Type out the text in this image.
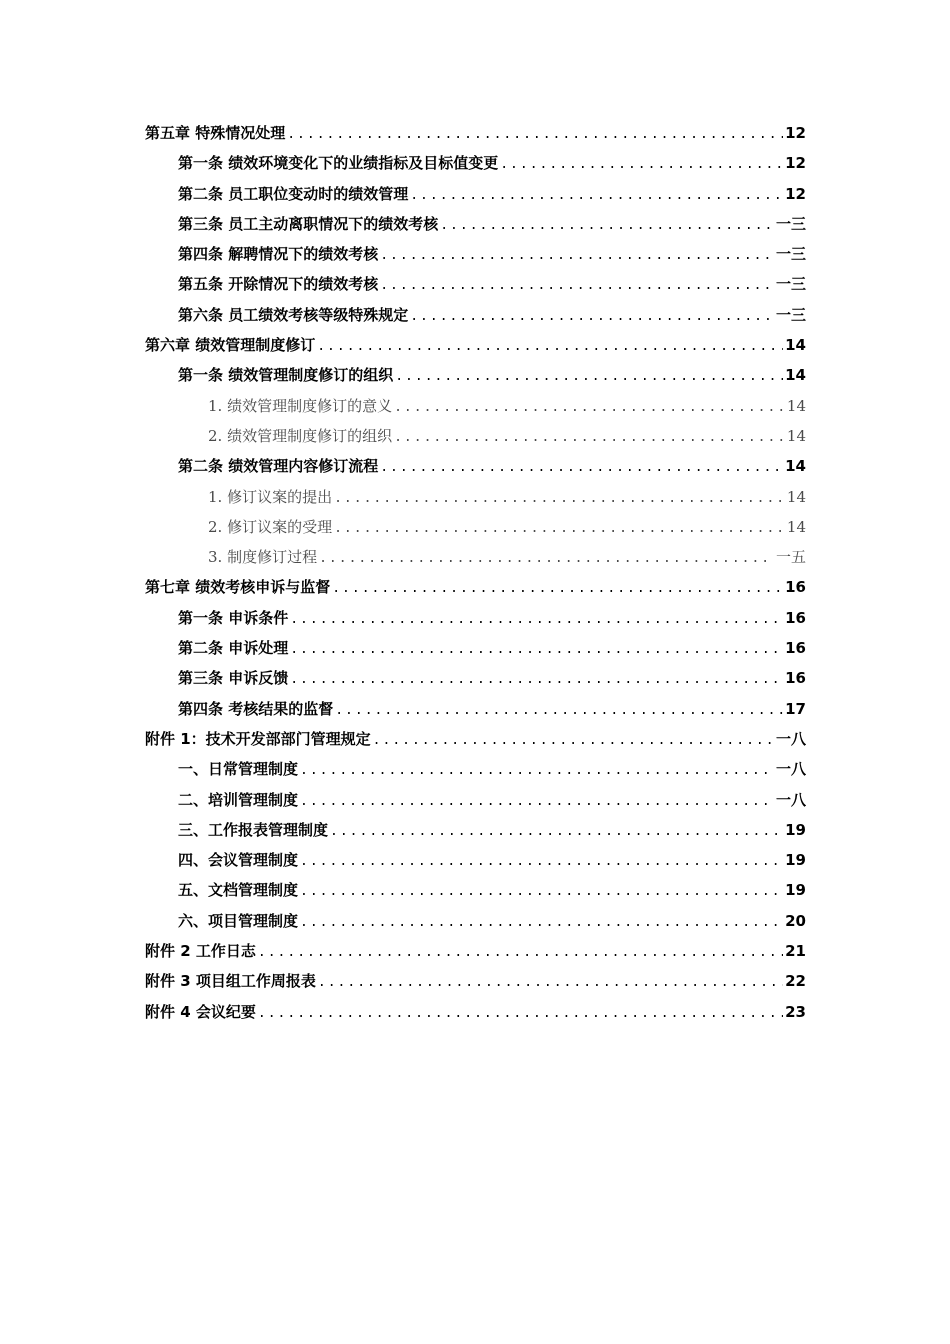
第五章 特殊情况处理 .....	12
第一条 绩效环境变化下的业绩指标及目标值变更 .....	12
第二条 员工职位变动时的绩效管理 .....	12
第三条 员工主动离职情况下的绩效考核 .....	一三
第四条 解聘情况下的绩效考核 .....	一三
第五条 开除情况下的绩效考核 .....	一三
第六条 员工绩效考核等级特殊规定 .....	一三
第六章 绩效管理制度修订 .....	14
第一条 绩效管理制度修订的组织 .....	14
1. 绩效管理制度修订的意义 .....	14
2. 绩效管理制度修订的组织 .....	14
第二条 绩效管理内容修订流程 .....	14
1. 修订议案的提出 .....	14
2. 修订议案的受理 .....	14
3. 制度修订过程 .....	一五
第七章 绩效考核申诉与监督 .....	16
第一条 申诉条件 .....	16
第二条 申诉处理 .....	16
第三条 申诉反馈 .....	16
第四条 考核结果的监督 .....	17
附件 1：技术开发部部门管理规定 .....	一八
一、日常管理制度 .....	一八
二、培训管理制度 .....	一八
三、工作报表管理制度 .....	19
四、会议管理制度 .....	19
五、文档管理制度 .....	19
六、项目管理制度 .....	20
附件 2 工作日志 .....	21
附件 3 项目组工作周报表 .....	22
附件 4 会议纪要 .....	23
